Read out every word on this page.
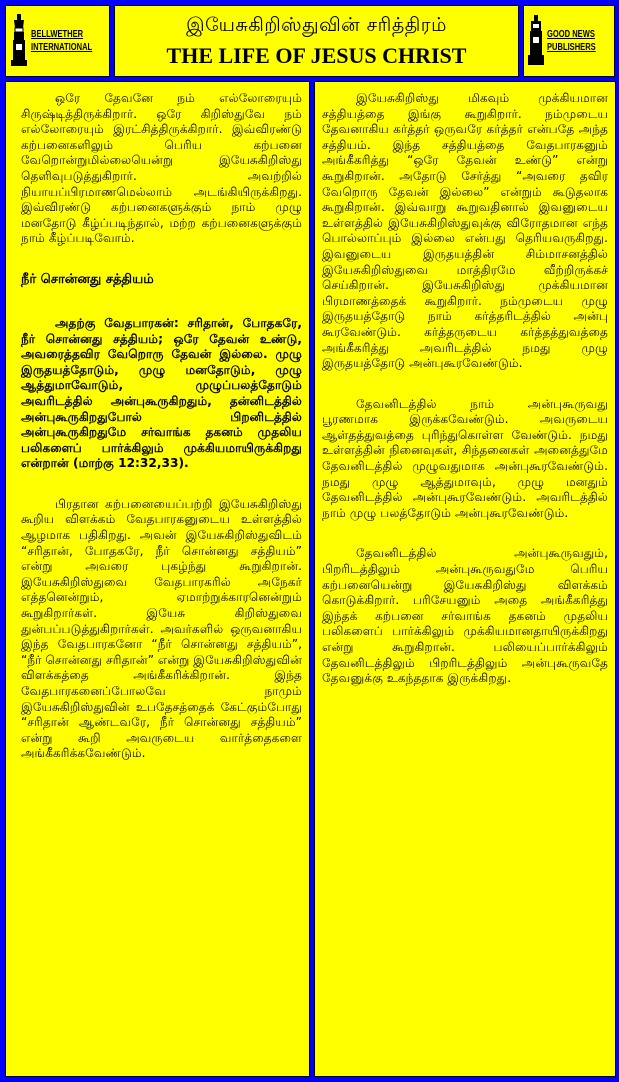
BELLWETHER
INTERNATIONAL
இயேசுகிறிஸ்துவின் சரித்திரம்
THE LIFE OF JESUS CHRIST
GOOD NEWS
PUBLISHERS

ஒரே தேவனே நம் எல்லோரையும் சிருஷ்டித்திருக்கிறார். ஒரே கிறிஸ்துவே நம் எல்லோரையும் இரட்சித்திருக்கிறார். இவ்விரண்டு கற்பனைகளிலும் பெரிய கற்பனை வேறொன்றுமில்லையென்று இயேசுகிறிஸ்து தெளிவுபடுத்துகிறார். அவற்றில் நியாயப்பிரமாணமெல்லாம் அடங்கியிருக்கிறது. இவ்விரண்டு கற்பனைகளுக்கும் நாம் முழு மனதோடு கீழ்ப்படிந்தால், மற்ற கற்பனைகளுக்கும் நாம் கீழ்ப்படிவோம்.

நீர் சொன்னது சத்தியம்

அதற்கு வேதபாரகன்: சரிதான், போதகரே, நீர் சொன்னது சத்தியம்; ஒரே தேவன் உண்டு, அவரைத்தவிர வேறொரு தேவன் இல்லை. முழு இருதயத்தோடும், முழு மனதோடும், முழு ஆத்துமாவோடும், முழுப்பலத்தோடும் அவரிடத்தில் அன்புகூருகிறதும், தன்னிடத்தில் அன்புகூருகிறதுபோல் பிறனிடத்தில் அன்புகூருகிறதுமே சர்வாங்க தகனம் முதலிய பலிகளைப் பார்க்கிலும் முக்கியமாயிருக்கிறது என்றான் (மாற்கு 12:32,33).

பிரதான கற்பனையைப்பற்றி இயேசுகிறிஸ்து கூறிய விளக்கம் வேதபாரகனுடைய உள்ளத்தில் ஆழமாக பதிகிறது. அவன் இயேசுகிறிஸ்துவிடம் “சரிதான், போதகரே, நீர் சொன்னது சத்தியம்” என்று அவரை புகழ்ந்து கூறுகிறான். இயேசுகிறிஸ்துவை வேதபாரகரில் அநேகர் எத்தனென்றும், ஏமாற்றுக்காரனென்றும் கூறுகிறார்கள். இயேசு கிறிஸ்துவை துன்பப்படுத்துகிறார்கள். அவர்களில் ஒருவனாகிய இந்த வேதபாரகனோ “நீர் சொன்னது சத்தியம்”, “நீர் சொன்னது சரிதான்” என்று இயேசுகிறிஸ்துவின் விளக்கத்தை அங்கீகரிக்கிறான். இந்த வேதபாரகனைப்போலவே நாமும் இயேசுகிறிஸ்துவின் உபதேசத்தைக் கேட்கும்போது “சரிதான் ஆண்டவரே, நீர் சொன்னது சத்தியம்” என்று கூறி அவருடைய வார்த்தைகளை அங்கீகரிக்கவேண்டும்.

இயேசுகிறிஸ்து மிகவும் முக்கியமான சத்தியத்தை இங்கு கூறுகிறார். நம்முடைய தேவனாகிய கர்த்தர் ஒருவரே கர்த்தர் என்பதே அந்த சத்தியம். இந்த சத்தியத்தை வேதபாரகனும் அங்கீகரித்து “ஒரே தேவன் உண்டு” என்று கூறுகிறான். அதோடு சேர்த்து “அவரை தவிர வேறொரு தேவன் இல்லை” என்றும் கூடுதலாக கூறுகிறான். இவ்வாறு கூறுவதினால் இவனுடைய உள்ளத்தில் இயேசுகிறிஸ்துவுக்கு விரோதமான எந்த பொல்லாப்பும் இல்லை என்பது தெரியவருகிறது. இவனுடைய இருதயத்தின் சிம்மாசனத்தில் இயேசுகிறிஸ்துவை மாத்திரமே வீற்றிருக்கச் செய்கிறான். இயேசுகிறிஸ்து முக்கியமான பிரமாணத்தைக் கூறுகிறார். நம்முடைய முழு இருதயத்தோடு நாம் கர்த்தரிடத்தில் அன்பு கூரவேண்டும். கர்த்தருடைய கர்த்தத்துவத்தை அங்கீகரித்து அவரிடத்தில் நமது முழு இருதயத்தோடு அன்புகூரவேண்டும்.

தேவனிடத்தில் நாம் அன்புகூருவது பூரணமாக இருக்கவேண்டும். அவருடைய ஆள்தத்துவத்தை புரிந்துகொள்ள வேண்டும். நமது உள்ளத்தின் நினைவுகள், சிந்தனைகள் அனைத்துமே தேவனிடத்தில் முழுவதுமாக அன்புகூரவேண்டும். நமது முழு ஆத்துமாவும், முழு மனதும் தேவனிடத்தில் அன்புகூரவேண்டும். அவரிடத்தில் நாம் முழு பலத்தோடும் அன்புகூரவேண்டும்.

தேவனிடத்தில் அன்புகூருவதும், பிறரிடத்திலும் அன்புகூருவதுமே பெரிய கற்பனையென்று இயேசுகிறிஸ்து விளக்கம் கொடுக்கிறார். பரிசேயனும் அதை அங்கீகரித்து இந்தக் கற்பனை சர்வாங்க தகனம் முதலிய பலிகளைப் பார்க்கிலும் முக்கியமானதாயிருக்கிறது என்று கூறுகிறான். பலியைப்பார்க்கிலும் தேவனிடத்திலும் பிறரிடத்திலும் அன்புகூருவதே தேவனுக்கு உகந்ததாக இருக்கிறது.
